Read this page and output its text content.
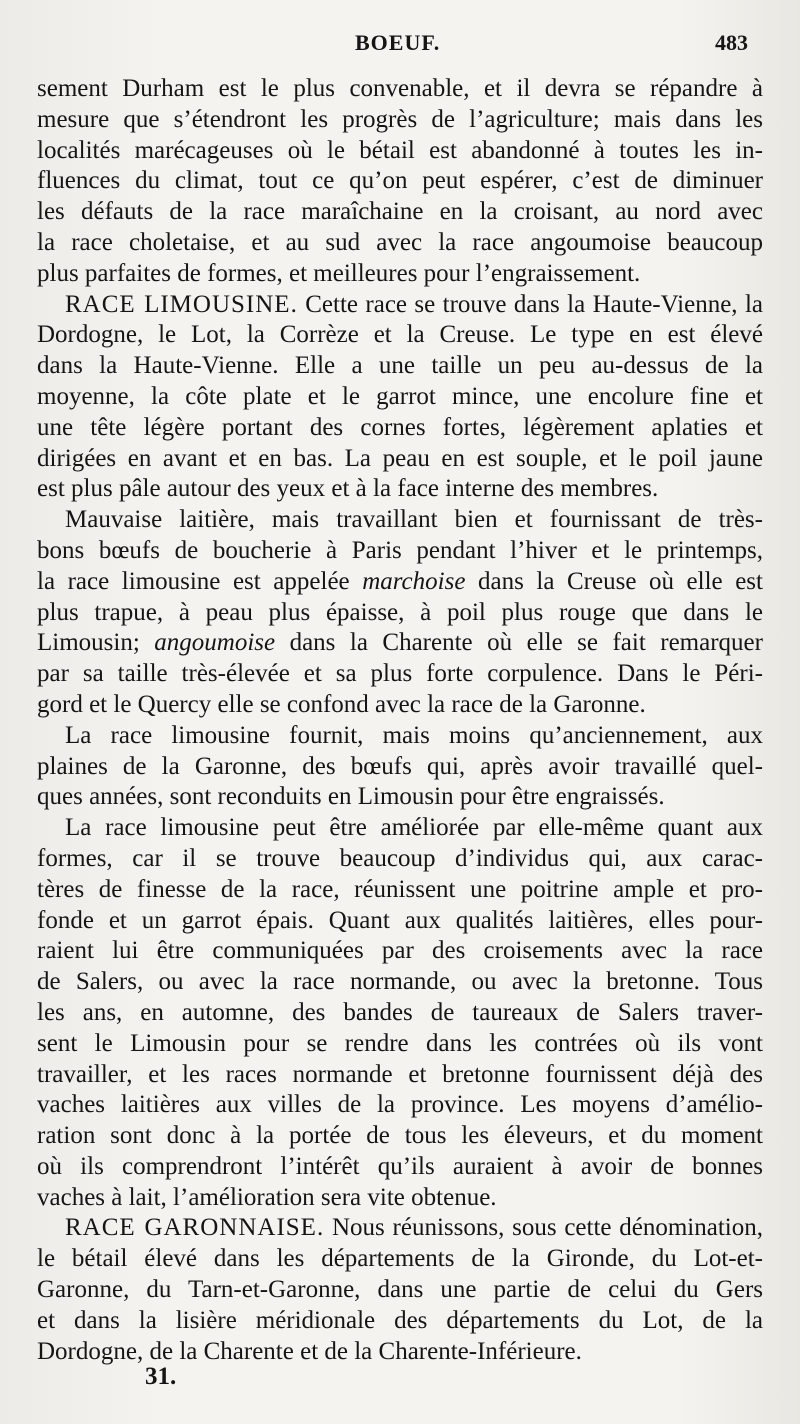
BOEUF.	483
sement Durham est le plus convenable, et il devra se répandre à
mesure que s’étendront les progrès de l’agriculture; mais dans les
localités marécageuses où le bétail est abandonné à toutes les in-
fluences du climat, tout ce qu’on peut espérer, c’est de diminuer
les défauts de la race maraîchaine en la croisant, au nord avec
la race choletaise, et au sud avec la race angoumoise beaucoup
plus parfaites de formes, et meilleures pour l’engraissement.
RACE LIMOUSINE. Cette race se trouve dans la Haute-Vienne, la
Dordogne, le Lot, la Corrèze et la Creuse. Le type en est élevé
dans la Haute-Vienne. Elle a une taille un peu au-dessus de la
moyenne, la côte plate et le garrot mince, une encolure fine et
une tête légère portant des cornes fortes, légèrement aplaties et
dirigées en avant et en bas. La peau en est souple, et le poil jaune
est plus pâle autour des yeux et à la face interne des membres.
Mauvaise laitière, mais travaillant bien et fournissant de très-
bons bœufs de boucherie à Paris pendant l’hiver et le printemps,
la race limousine est appelée marchoise dans la Creuse où elle est
plus trapue, à peau plus épaisse, à poil plus rouge que dans le
Limousin; angoumoise dans la Charente où elle se fait remarquer
par sa taille très-élevée et sa plus forte corpulence. Dans le Péri-
gord et le Quercy elle se confond avec la race de la Garonne.
La race limousine fournit, mais moins qu’anciennement, aux
plaines de la Garonne, des bœufs qui, après avoir travaillé quel-
ques années, sont reconduits en Limousin pour être engraissés.
La race limousine peut être améliorée par elle-même quant aux
formes, car il se trouve beaucoup d’individus qui, aux carac-
tères de finesse de la race, réunissent une poitrine ample et pro-
fonde et un garrot épais. Quant aux qualités laitières, elles pour-
raient lui être communiquées par des croisements avec la race
de Salers, ou avec la race normande, ou avec la bretonne. Tous
les ans, en automne, des bandes de taureaux de Salers traver-
sent le Limousin pour se rendre dans les contrées où ils vont
travailler, et les races normande et bretonne fournissent déjà des
vaches laitières aux villes de la province. Les moyens d’amélio-
ration sont donc à la portée de tous les éleveurs, et du moment
où ils comprendront l’intérêt qu’ils auraient à avoir de bonnes
vaches à lait, l’amélioration sera vite obtenue.
RACE GARONNAISE. Nous réunissons, sous cette dénomination,
le bétail élevé dans les départements de la Gironde, du Lot-et-
Garonne, du Tarn-et-Garonne, dans une partie de celui du Gers
et dans la lisière méridionale des départements du Lot, de la
Dordogne, de la Charente et de la Charente-Inférieure.
31.
